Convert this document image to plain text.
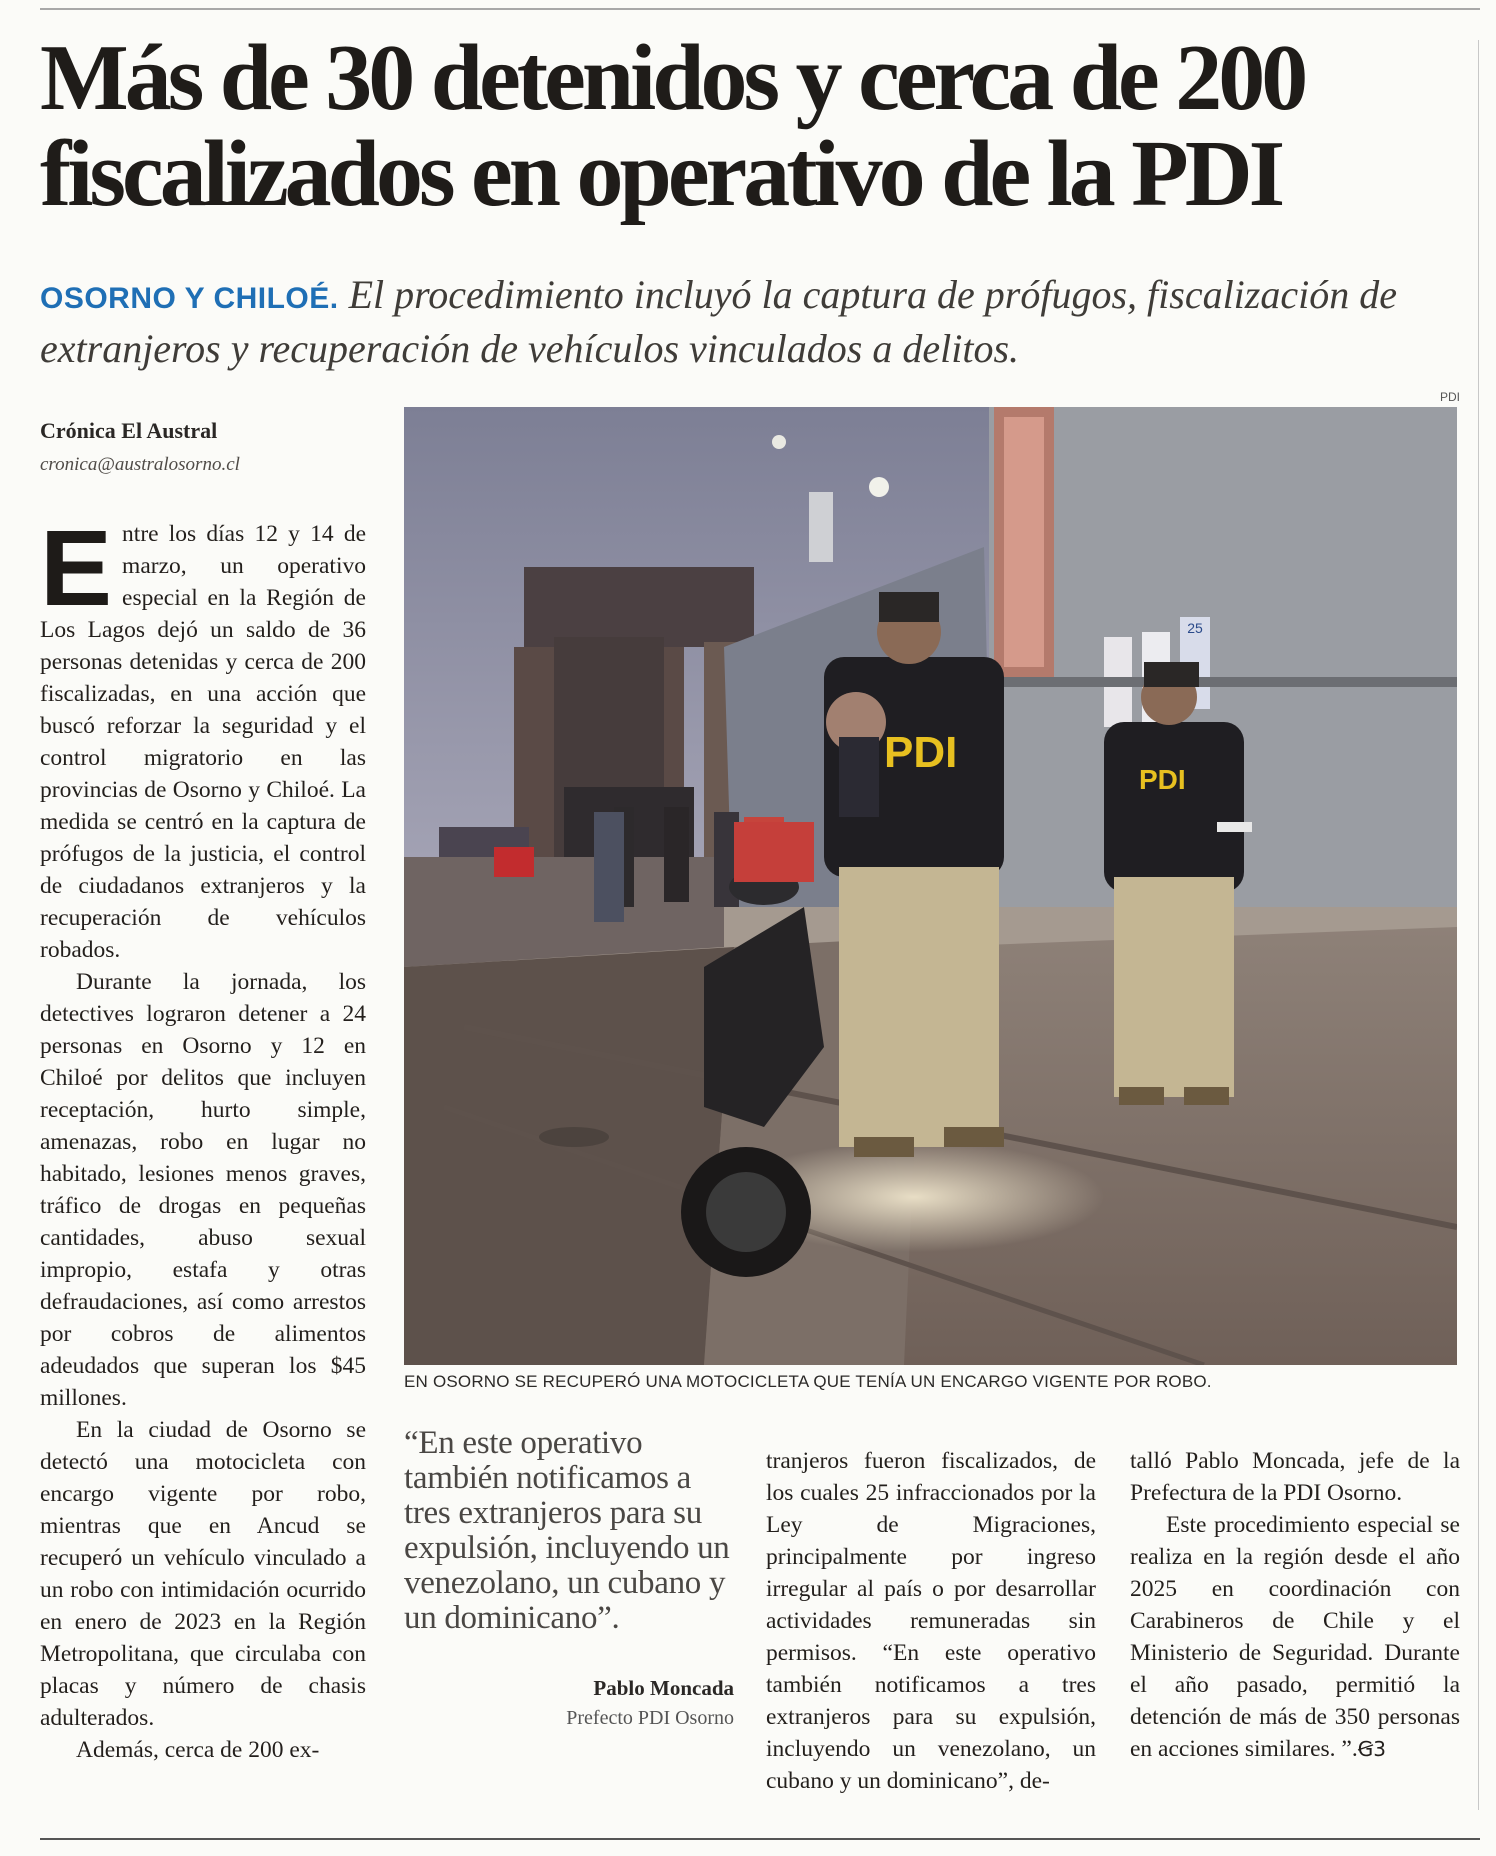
Más de 30 detenidos y cerca de 200 fiscalizados en operativo de la PDI

OSORNO Y CHILOÉ. El procedimiento incluyó la captura de prófugos, fiscalización de extranjeros y recuperación de vehículos vinculados a delitos.

Crónica El Austral
cronica@australosorno.cl
PDI
25
PDI
PDI
EN OSORNO SE RECUPERÓ UNA MOTOCICLETA QUE TENÍA UN ENCARGO VIGENTE POR ROBO.

Entre los días 12 y 14 de marzo, un operativo especial en la Región de Los Lagos dejó un saldo de 36 personas detenidas y cerca de 200 fiscalizadas, en una acción que buscó reforzar la seguridad y el control migratorio en las provincias de Osorno y Chiloé. La medida se centró en la captura de prófugos de la justicia, el control de ciudadanos extranjeros y la recuperación de vehículos robados.

Durante la jornada, los detectives lograron detener a 24 personas en Osorno y 12 en Chiloé por delitos que incluyen receptación, hurto simple, amenazas, robo en lugar no habitado, lesiones menos graves, tráfico de drogas en pequeñas cantidades, abuso sexual impropio, estafa y otras defraudaciones, así como arrestos por cobros de alimentos adeudados que superan los $45 millones.

En la ciudad de Osorno se detectó una motocicleta con encargo vigente por robo, mientras que en Ancud se recuperó un vehículo vinculado a un robo con intimidación ocurrido en enero de 2023 en la Región Metropolitana, que circulaba con placas y número de chasis adulterados.

Además, cerca de 200 ex-

“En este operativo también notificamos a tres extranjeros para su expulsión, incluyendo un venezolano, un cubano y un dominicano”.

Pablo Moncada
Prefecto PDI Osorno

tranjeros fueron fiscalizados, de los cuales 25 infraccionados por la Ley de Migraciones, principalmente por ingreso irregular al país o por desarrollar actividades remuneradas sin permisos. “En este operativo también notificamos a tres extranjeros para su expulsión, incluyendo un venezolano, un cubano y un dominicano”, de-

talló Pablo Moncada, jefe de la Prefectura de la PDI Osorno.

Este procedimiento especial se realiza en la región desde el año 2025 en coordinación con Carabineros de Chile y el Ministerio de Seguridad. Durante el año pasado, permitió la detención de más de 350 personas en acciones similares. ”.Ꞡ3
